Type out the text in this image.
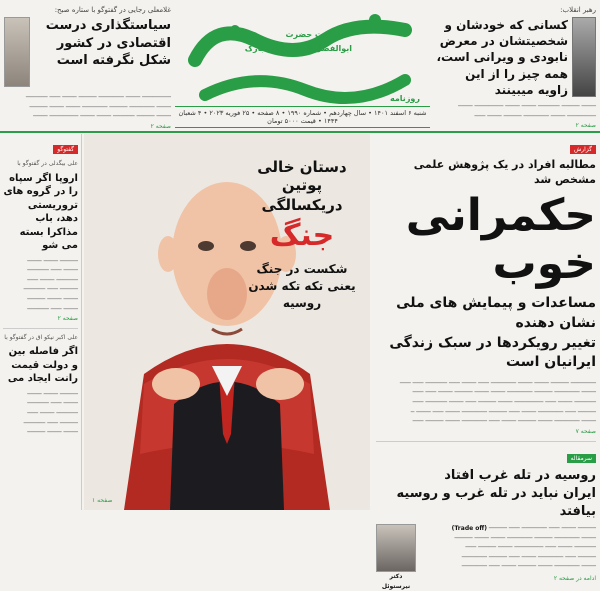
غلامعلی رجایی در گفتوگو با ستاره صبح:
سیاستگذاری درست اقتصادی در کشور شکل نگرفته است
──────── ──── ─────── ───── ──── ─── ──────
──── ─────── ───── ─────── ──── ──── ─────
──── ───── ────── ──── ──── ──────── ────
صفحه ۲
ولادت حضرت
ابوالفضل العباس(ع) مبارک
روزنامه
شنبه ۶ اسفند ۱۴۰۱ • سال چهاردهم • شماره ۱۹۹۰ • ۸ صفحه • ۲۵ فوریه ۲۰۲۳ • ۴ شعبان ۱۴۴۴ • قیمت ۵۰۰۰ تومان
رهبر انقلاب:
کسانی که خودشان و شخصیتشان در معرض نابودی و ویرانی است، همه چیز را از این زاویه میبینند
──── ───── ────── ──── ──── ──────── ────
──────── ──── ─────── ───── ──── ───
صفحه ۲
گفتوگو
علی بیگدلی در گفتوگو با
اروپا اگر سپاه را در گروه های تروریستی دهد، باب مذاکرا بسته می شو
───── ──── ────
──── ─── ──────
────── ──── ───
───── ─── ──────
──── ──── ─────
──── ─── ──────
صفحه ۲
علی اکبر نیکو اق در گفتوگو با
اگر فاصله بین و دولت قیمت رانت ایجاد می
───── ──── ────
──── ─── ──────
────── ──── ───
───── ─── ──────
──── ──── ─────
دستان خالی پوتین
دریکسالگی
جنگ
شکست در جنگ یعنی تکه تکه شدن روسیه
صفحه ۱
گزارش
مطالبه افراد در یک پژوهش علمی مشخص شد
حکمرانی خوب
مساعدات و پیمایش های ملی نشان دهنده
تغییر رویکردها در سبک زندگی ایرانیان است
─────── ───── ──── ──── ─────── ─── ──── ─── ────── ─── ───
──── ─────── ───── ─────── ──── ──── ───── ──── ─── ───
────── ──── ─── ──────── ──── ───── ─── ──── ────── ───
───── ─── ─────── ──── ─── ───── ─────── ──── ─── ──── ─
──── ─────── ──── ───── ──── ─── ─────── ──── ───── ───
صفحه ۷
سرمقاله
روسیه در تله غرب افتاد
ایران نباید در تله غرب و روسیه بیافتد
───── ──── ─── ─────── ─── ───── (Trade off)
──── ─────── ───── ─────── ──── ──── ─────
────── ──── ─── ──────── ──── ───── ───
───── ─── ─────── ──── ─── ───── ───────
──── ─────── ──── ───── ──── ─── ───────
ادامه در صفحه ۲
دکتر نیرستوئل
